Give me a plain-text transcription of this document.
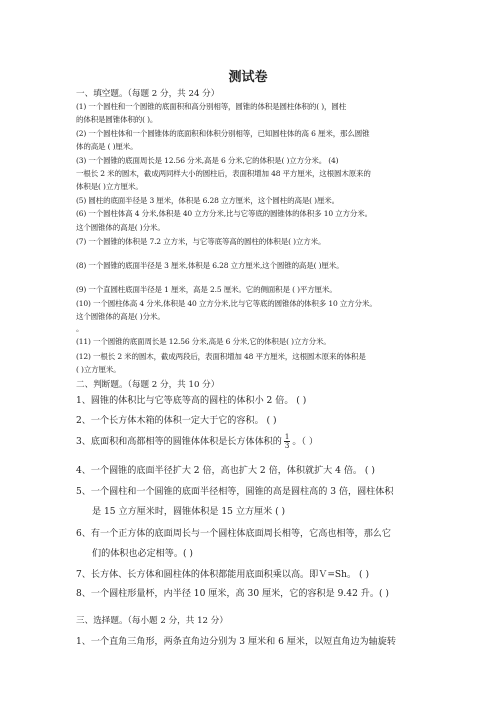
测试卷
一、填空题。（每题 2 分，共 24 分）
(1) 一个圆柱和一个圆锥的底面积和高分别相等，圆锥的体积是圆柱体积的( )，圆柱
的体积是圆锥体积的( )。
(2) 一个圆柱体和一个圆锥体的底面积和体积分别相等，已知圆柱体的高 6 厘米，那么圆锥
体的高是 ( )厘米。
(3) 一个圆锥的底面周长是 12.56 分米,高是 6 分米,它的体积是( )立方分米。 (4)
一根长 2 米的圆木，截成两同样大小的圆柱后，表面积增加 48 平方厘米，这根圆木原来的
体积是( )立方厘米。
(5) 圆柱的底面半径是 3 厘米，体积是 6.28 立方厘米，这个圆柱的高是( )厘米。
(6) 一个圆柱体高 4 分米,体积是 40 立方分米,比与它等底的圆锥体的体积多 10 立方分米。
这个圆锥体的高是( )分米。
(7) 一个圆锥的体积是 7.2 立方米，与它等底等高的圆柱的体积是( )立方米。
(8) 一个圆锥的底面半径是 3 厘米,体积是 6.28 立方厘米,这个圆锥的高是( )厘米。
(9) 一个直圆柱底面半径是 1 厘米，高是 2.5 厘米。它的侧面积是 ( )平方厘米。
(10) 一个圆柱体高 4 分米,体积是 40 立方分米,比与它等底的圆锥体的体积多 10 立方分米。
这个圆锥体的高是( )分米。
。
(11) 一个圆锥的底面周长是 12.56 分米,高是 6 分米,它的体积是( )立方分米。
(12) 一根长 2 米的圆木，截成两段后，表面积增加 48 平方厘米，这根圆木原来的体积是
( )立方厘米。
二、判断题。（每题 2 分，共 10 分）
1、圆锥的体积比与它等底等高的圆柱的体积小 2 倍。 ( )
2、一个长方体木箱的体积一定大于它的容积。 ( )
3、底面积和高都相等的圆锥体体积是长方体体积的 $\frac{1}{3}$ 。（ ）
4、一个圆锥的底面半径扩大 2 倍，高也扩大 2 倍，体积就扩大 4 倍。 ( )
5、一个圆柱和一个圆锥的底面半径相等，圆锥的高是圆柱高的 3 倍，圆柱体积
是 15 立方厘米时，圆锥体积是 15 立方厘米 ( )
6、有一个正方体的底面周长与一个圆柱体底面周长相等，它高也相等，那么它
们的体积也必定相等。( )
7、长方体、长方体和圆柱体的体积都能用底面积乘以高。即Ｖ=Sh。 ( )
8、一个圆柱形量杯，内半径 10 厘米，高 30 厘米，它的容积是 9.42 升。( )
三、选择题。（每小题 2 分，共 12 分）
1、一个直角三角形，两条直角边分别为 3 厘米和 6 厘米，以短直角边为轴旋转
